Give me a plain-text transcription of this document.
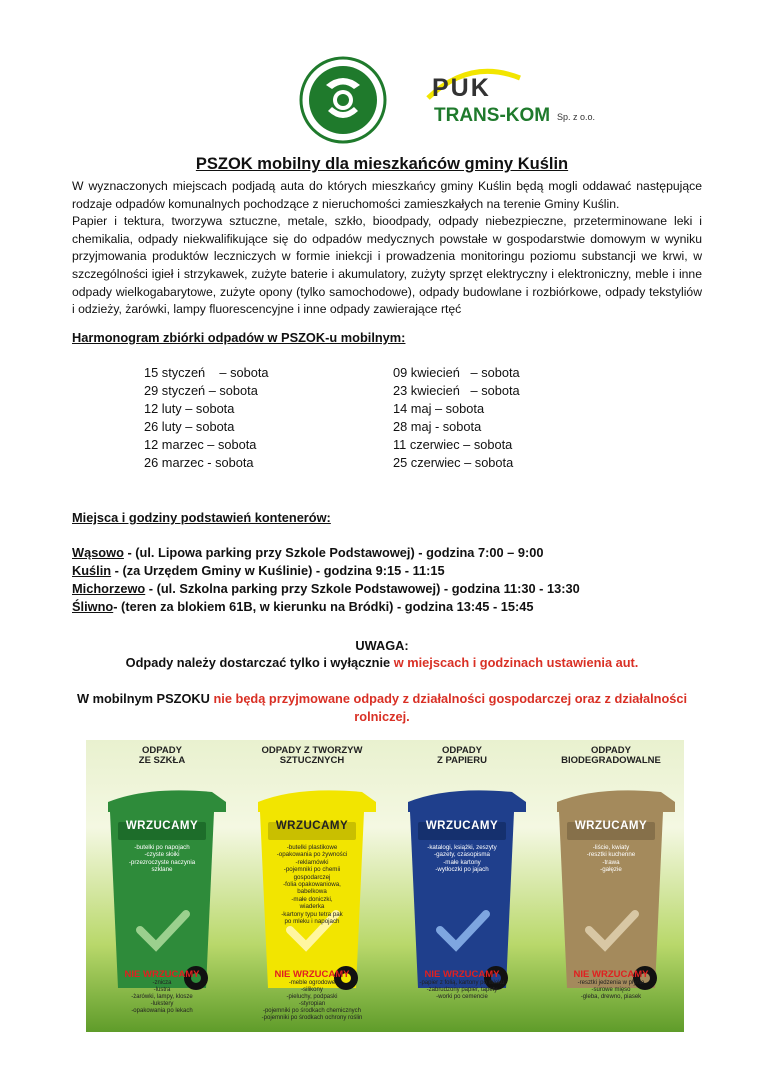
PUK
TRANS-KOM Sp. z o.o.
PSZOK mobilny dla mieszkańców gminy Kuślin

W wyznaczonych miejscach podjadą auta do których mieszkańcy gminy Kuślin będą mogli oddawać następujące rodzaje odpadów komunalnych pochodzące z nieruchomości zamieszkałych na terenie Gminy Kuślin.

Papier i tektura, tworzywa sztuczne, metale, szkło, bioodpady, odpady niebezpieczne, przeterminowane leki i chemikalia, odpady niekwalifikujące się do odpadów medycznych powstałe w gospodarstwie domowym w wyniku przyjmowania produktów leczniczych w formie iniekcji i prowadzenia monitoringu poziomu substancji we krwi, w szczególności igieł i strzykawek, zużyte baterie i akumulatory, zużyty sprzęt elektryczny i elektroniczny, meble i inne odpady wielkogabarytowe, zużyte opony (tylko samochodowe), odpady budowlane i rozbiórkowe, odpady tekstyliów i odzieży, żarówki, lampy fluorescencyjne i inne odpady zawierające rtęć

Harmonogram zbiórki odpadów w PSZOK-u mobilnym:
15 styczeń    – sobota
29 styczeń – sobota
12 luty – sobota
26 luty – sobota
12 marzec – sobota
26 marzec - sobota
09 kwiecień   – sobota
23 kwiecień   – sobota
14 maj – sobota
28 maj - sobota
11 czerwiec – sobota
25 czerwiec – sobota
Miejsca i godziny podstawień kontenerów:
Wąsowo - (ul. Lipowa parking przy Szkole Podstawowej) - godzina 7:00 – 9:00
Kuślin - (za Urzędem Gminy w Kuślinie) - godzina 9:15 - 11:15
Michorzewo - (ul. Szkolna parking przy Szkole Podstawowej) - godzina 11:30 - 13:30
Śliwno- (teren za blokiem 61B, w kierunku na Bródki) - godzina 13:45 - 15:45
UWAGA:
Odpady należy dostarczać tylko i wyłącznie w miejscach i godzinach ustawienia aut.
W mobilnym PSZOKU nie będą przyjmowane odpady z działalności gospodarczej oraz z działalności
rolniczej.
ODPADY
ZE SZKŁA
WRZUCAMY
-butelki po napojach
-czyste słoiki
-przezroczyste naczynia
szklane
NIE WRZUCAMY
-znicza
-lustra
-żarówki, lampy, klosze
-lukstery
-opakowania po lekach
ODPADY Z TWORZYW
SZTUCZNYCH
WRZUCAMY
-butelki plastikowe
-opakowania po żywności
-reklamówki
-pojemniki po chemii
gospodarczej
-folia opakowaniowa,
babelkowa
-małe doniczki,
wiaderka
-kartony typu tetra pak
po mleku i napojach
NIE WRZUCAMY
-meble ogrodowe
-silikony
-pieluchy, podpaski
-styropian
-pojemniki po środkach chemicznych
-pojemniki po środkach ochrony roślin
ODPADY
Z PAPIERU
WRZUCAMY
-katalogi, książki, zeszyty
-gazety, czasopisma
-małe kartony
-wytłoczki po jajach
NIE WRZUCAMY
-papier z folią, kartony po mleku
-zabrudzony papier, tapety
-worki po cemencie
ODPADY
BIODEGRADOWALNE
WRZUCAMY
-liście, kwiaty
-resztki kuchenne
-trawa
-gałęzie
NIE WRZUCAMY
-resztki jedzenia w płynie
-surowe mięso
-gleba, drewno, piasek
